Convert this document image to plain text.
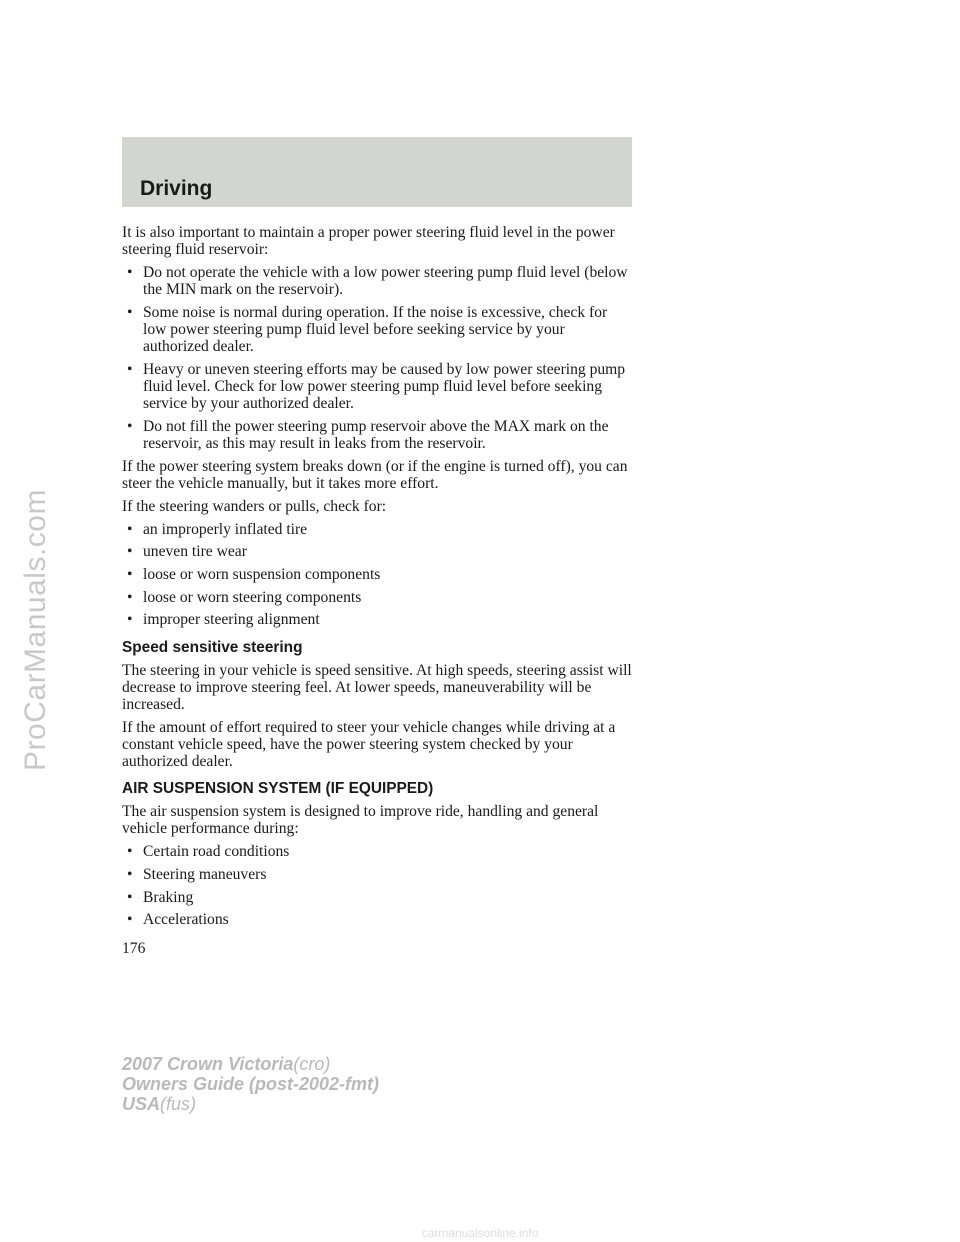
ProCarManuals.com
Driving

It is also important to maintain a proper power steering fluid level in the power steering fluid reservoir:

• Do not operate the vehicle with a low power steering pump fluid level (below the MIN mark on the reservoir).
• Some noise is normal during operation. If the noise is excessive, check for low power steering pump fluid level before seeking service by your authorized dealer.
• Heavy or uneven steering efforts may be caused by low power steering pump fluid level. Check for low power steering pump fluid level before seeking service by your authorized dealer.
• Do not fill the power steering pump reservoir above the MAX mark on the reservoir, as this may result in leaks from the reservoir.

If the power steering system breaks down (or if the engine is turned off), you can steer the vehicle manually, but it takes more effort.

If the steering wanders or pulls, check for:

• an improperly inflated tire
• uneven tire wear
• loose or worn suspension components
• loose or worn steering components
• improper steering alignment
Speed sensitive steering

The steering in your vehicle is speed sensitive. At high speeds, steering assist will decrease to improve steering feel. At lower speeds, maneuverability will be increased.

If the amount of effort required to steer your vehicle changes while driving at a constant vehicle speed, have the power steering system checked by your authorized dealer.

AIR SUSPENSION SYSTEM (IF EQUIPPED)

The air suspension system is designed to improve ride, handling and general vehicle performance during:

• Certain road conditions
• Steering maneuvers
• Braking
• Accelerations
176
2007 Crown Victoria(cro)
Owners Guide (post-2002-fmt)
USA(fus)
carmanualsonline.info
